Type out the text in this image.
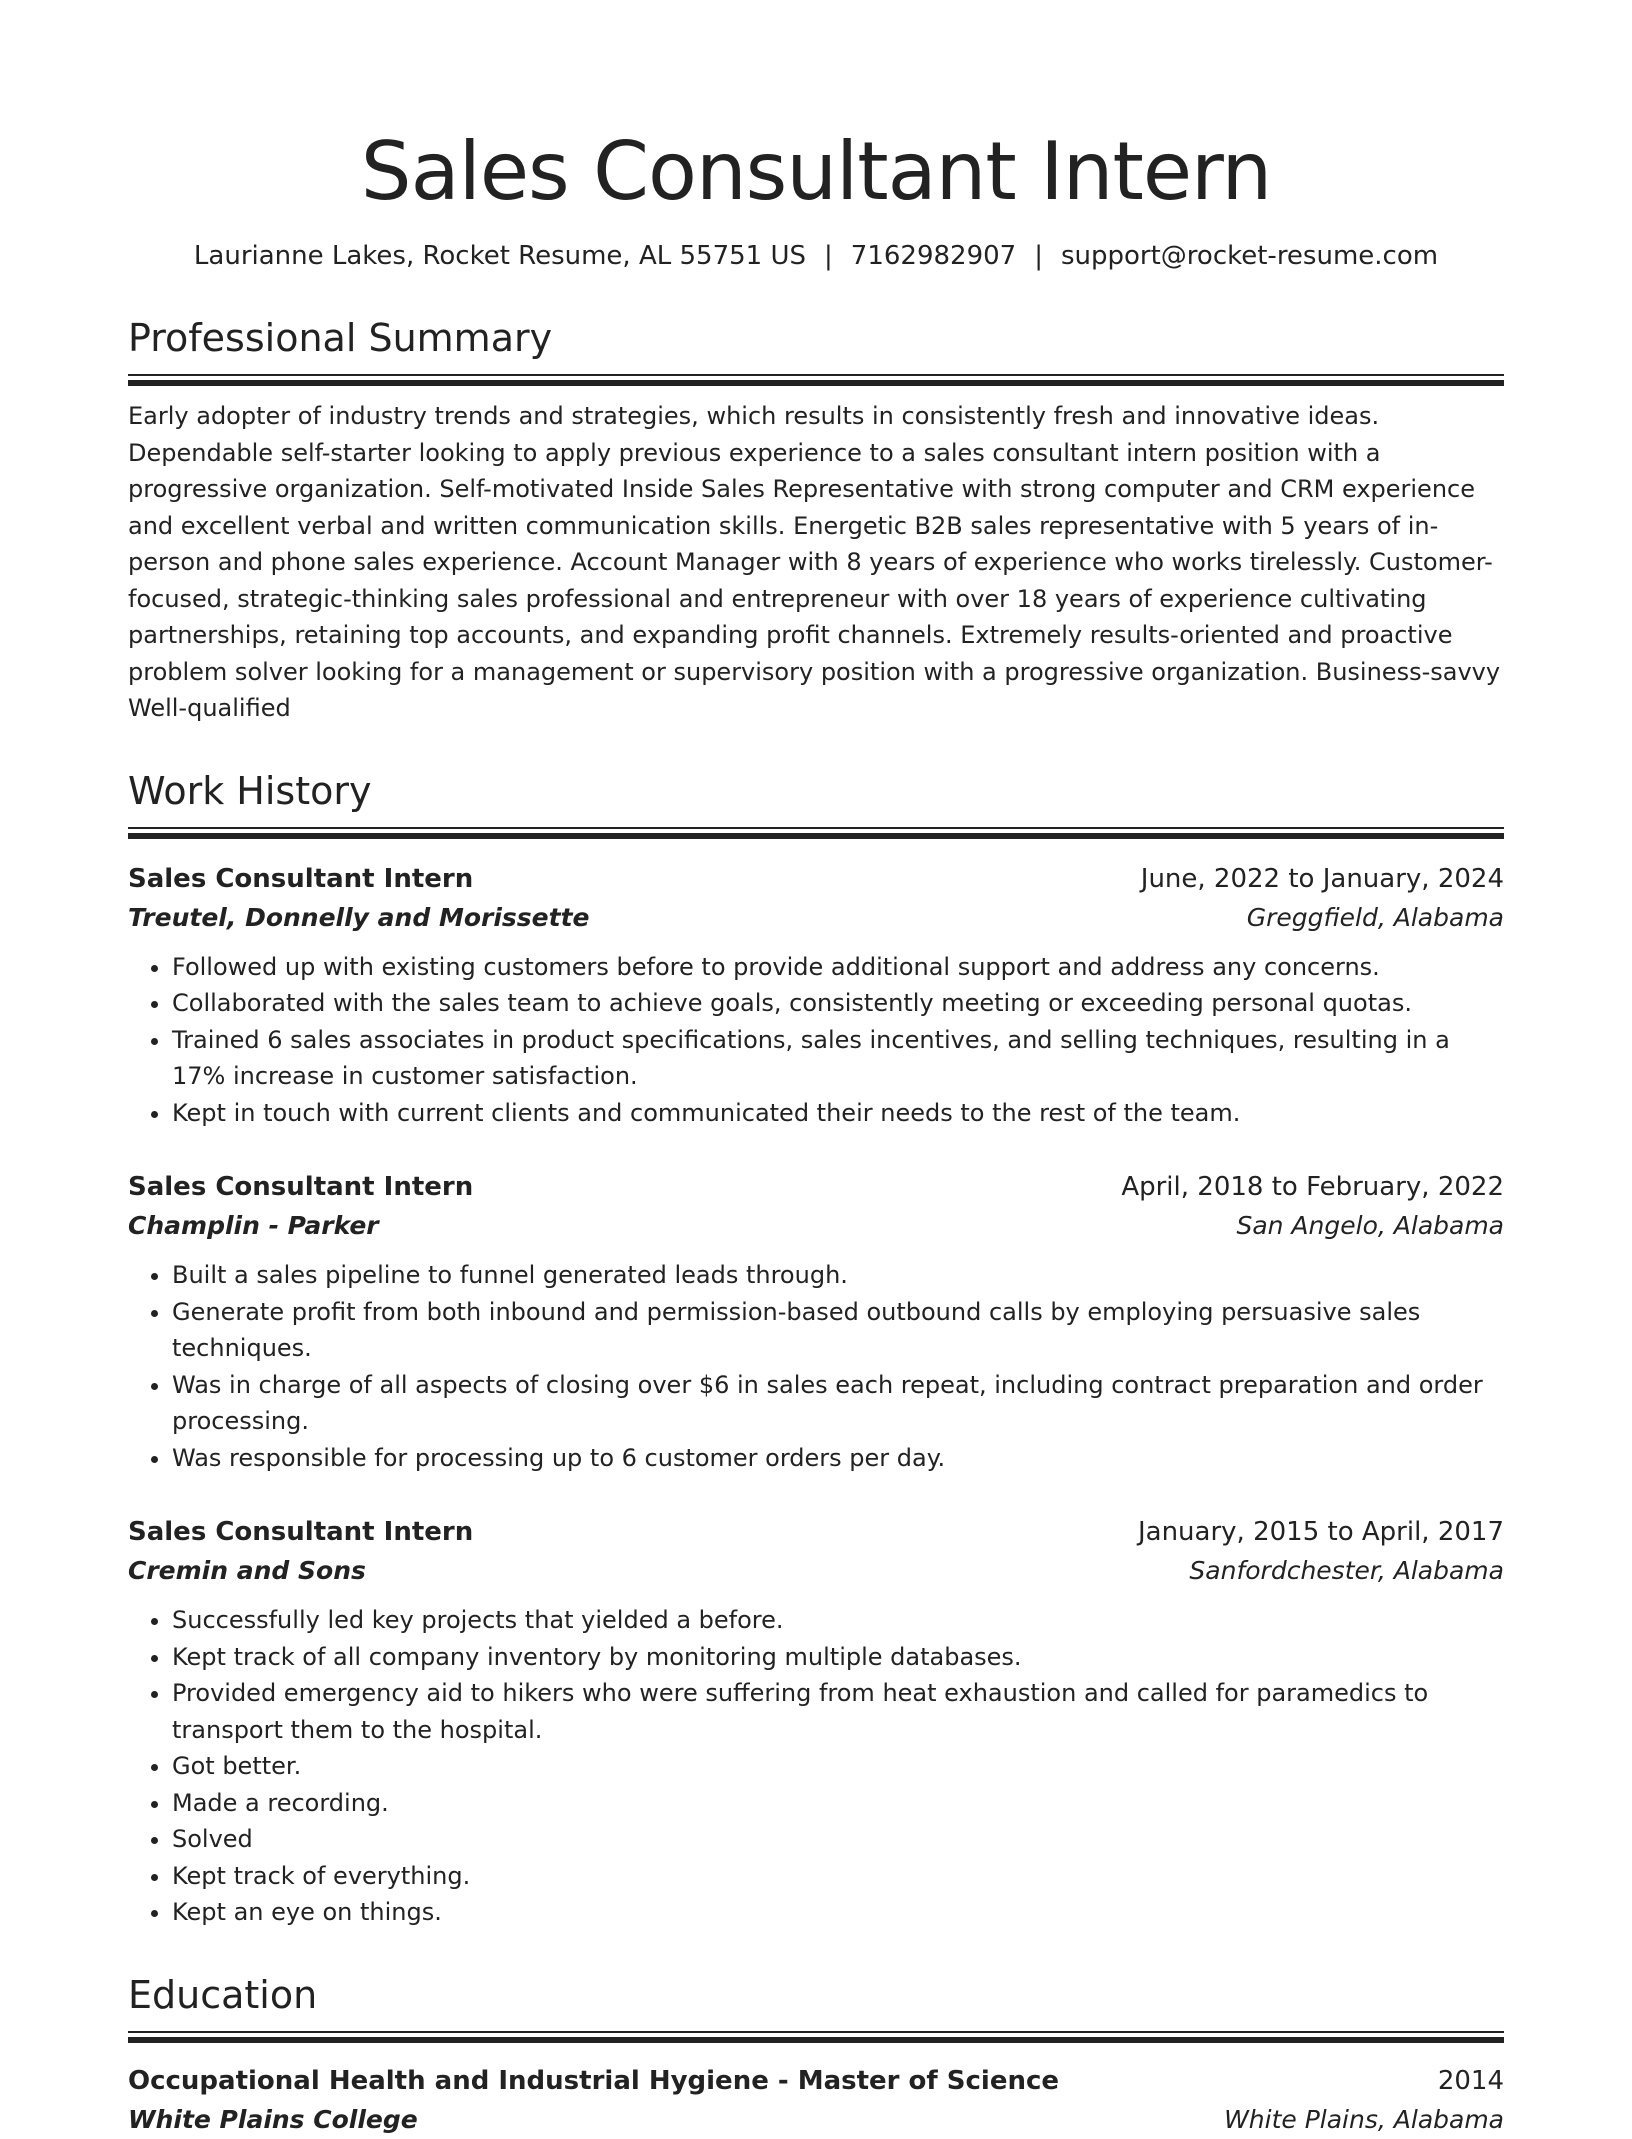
Sales Consultant Intern
Laurianne Lakes, Rocket Resume, AL 55751 US | 7162982907 | support@rocket-resume.com
Professional Summary
Early adopter of industry trends and strategies, which results in consistently fresh and innovative ideas. Dependable self-starter looking to apply previous experience to a sales consultant intern position with a progressive organization. Self-motivated Inside Sales Representative with strong computer and CRM experience and excellent verbal and written communication skills. Energetic B2B sales representative with 5 years of in-person and phone sales experience. Account Manager with 8 years of experience who works tirelessly. Customer-focused, strategic-thinking sales professional and entrepreneur with over 18 years of experience cultivating partnerships, retaining top accounts, and expanding profit channels. Extremely results-oriented and proactive problem solver looking for a management or supervisory position with a progressive organization. Business-savvy Well-qualified
Work History
Sales Consultant Intern	June, 2022 to January, 2024
Treutel, Donnelly and Morissette	Greggfield, Alabama
• Followed up with existing customers before to provide additional support and address any concerns.
• Collaborated with the sales team to achieve goals, consistently meeting or exceeding personal quotas.
• Trained 6 sales associates in product specifications, sales incentives, and selling techniques, resulting in a 17% increase in customer satisfaction.
• Kept in touch with current clients and communicated their needs to the rest of the team.
Sales Consultant Intern	April, 2018 to February, 2022
Champlin - Parker	San Angelo, Alabama
• Built a sales pipeline to funnel generated leads through.
• Generate profit from both inbound and permission-based outbound calls by employing persuasive sales techniques.
• Was in charge of all aspects of closing over $6 in sales each repeat, including contract preparation and order processing.
• Was responsible for processing up to 6 customer orders per day.
Sales Consultant Intern	January, 2015 to April, 2017
Cremin and Sons	Sanfordchester, Alabama
• Successfully led key projects that yielded a before.
• Kept track of all company inventory by monitoring multiple databases.
• Provided emergency aid to hikers who were suffering from heat exhaustion and called for paramedics to transport them to the hospital.
• Got better.
• Made a recording.
• Solved
• Kept track of everything.
• Kept an eye on things.
Education
Occupational Health and Industrial Hygiene - Master of Science	2014
White Plains College	White Plains, Alabama
